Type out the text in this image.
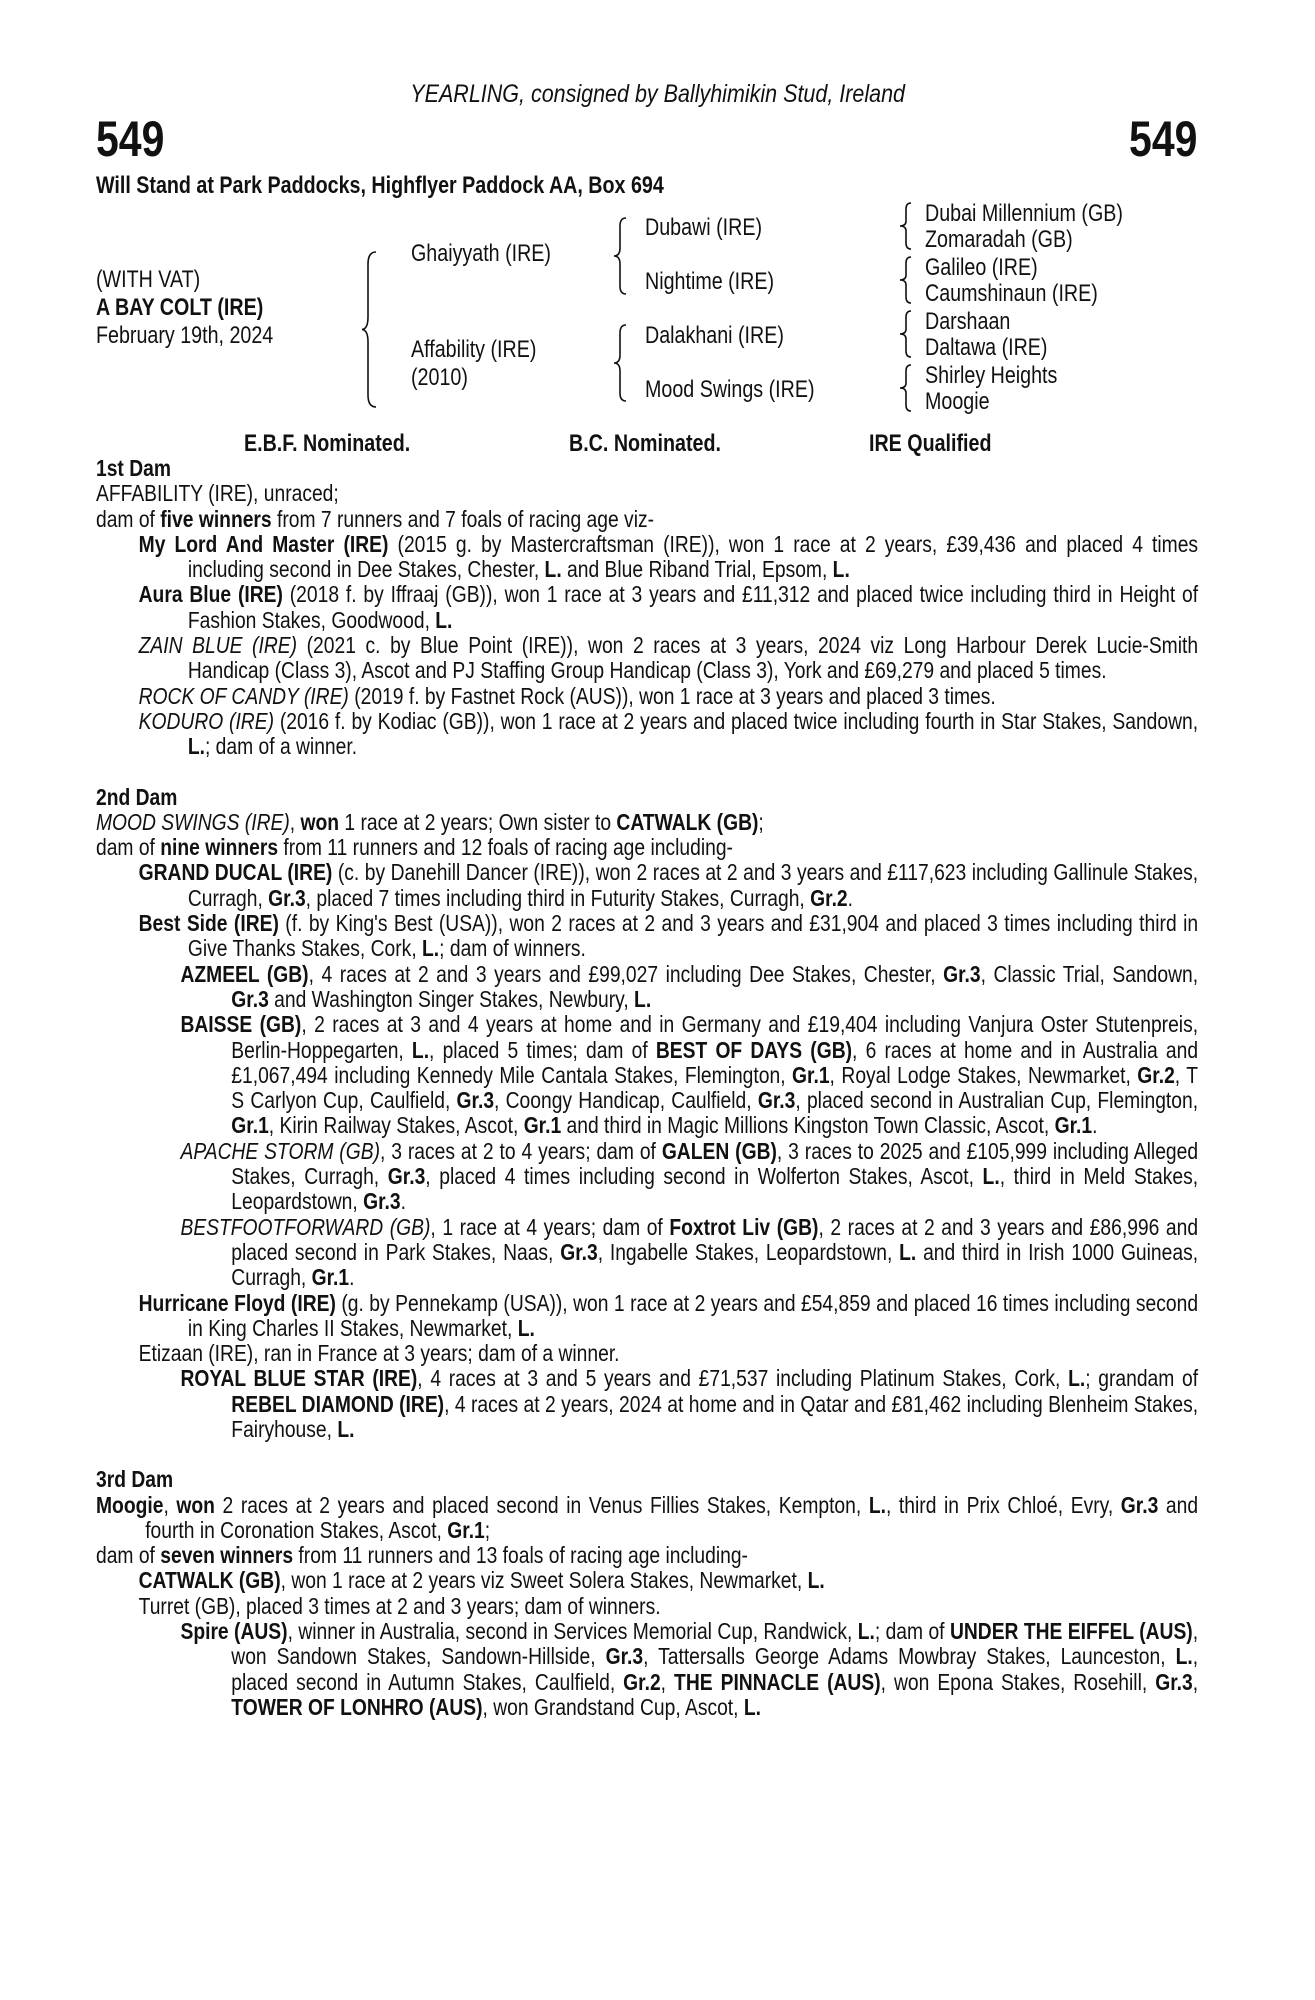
YEARLING, consigned by Ballyhimikin Stud, Ireland
549	549
Will Stand at Park Paddocks, Highflyer Paddock AA, Box 694
(WITH VAT)
A BAY COLT (IRE)
February 19th, 2024
Ghaiyyath (IRE)
Affability (IRE)
(2010)
Dubawi (IRE)
Nightime (IRE)
Dalakhani (IRE)
Mood Swings (IRE)
Dubai Millennium (GB)
Zomaradah (GB)
Galileo (IRE)
Caumshinaun (IRE)
Darshaan
Daltawa (IRE)
Shirley Heights
Moogie
E.B.F. Nominated.	B.C. Nominated.	IRE Qualified
1st Dam
AFFABILITY (IRE), unraced;
dam of five winners from 7 runners and 7 foals of racing age viz-
My Lord And Master (IRE) (2015 g. by Mastercraftsman (IRE)), won 1 race at 2 years, £39,436 and placed 4 times including second in Dee Stakes, Chester, L. and Blue Riband Trial, Epsom, L.
Aura Blue (IRE) (2018 f. by Iffraaj (GB)), won 1 race at 3 years and £11,312 and placed twice including third in Height of Fashion Stakes, Goodwood, L.
ZAIN BLUE (IRE) (2021 c. by Blue Point (IRE)), won 2 races at 3 years, 2024 viz Long Harbour Derek Lucie-Smith Handicap (Class 3), Ascot and PJ Staffing Group Handicap (Class 3), York and £69,279 and placed 5 times.
ROCK OF CANDY (IRE) (2019 f. by Fastnet Rock (AUS)), won 1 race at 3 years and placed 3 times.
KODURO (IRE) (2016 f. by Kodiac (GB)), won 1 race at 2 years and placed twice including fourth in Star Stakes, Sandown, L.; dam of a winner.
2nd Dam
MOOD SWINGS (IRE), won 1 race at 2 years; Own sister to CATWALK (GB);
dam of nine winners from 11 runners and 12 foals of racing age including-
GRAND DUCAL (IRE) (c. by Danehill Dancer (IRE)), won 2 races at 2 and 3 years and £117,623 including Gallinule Stakes, Curragh, Gr.3, placed 7 times including third in Futurity Stakes, Curragh, Gr.2.
Best Side (IRE) (f. by King's Best (USA)), won 2 races at 2 and 3 years and £31,904 and placed 3 times including third in Give Thanks Stakes, Cork, L.; dam of winners.
AZMEEL (GB), 4 races at 2 and 3 years and £99,027 including Dee Stakes, Chester, Gr.3, Classic Trial, Sandown, Gr.3 and Washington Singer Stakes, Newbury, L.
BAISSE (GB), 2 races at 3 and 4 years at home and in Germany and £19,404 including Vanjura Oster Stutenpreis, Berlin-Hoppegarten, L., placed 5 times; dam of BEST OF DAYS (GB), 6 races at home and in Australia and £1,067,494 including Kennedy Mile Cantala Stakes, Flemington, Gr.1, Royal Lodge Stakes, Newmarket, Gr.2, T S Carlyon Cup, Caulfield, Gr.3, Coongy Handicap, Caulfield, Gr.3, placed second in Australian Cup, Flemington, Gr.1, Kirin Railway Stakes, Ascot, Gr.1 and third in Magic Millions Kingston Town Classic, Ascot, Gr.1.
APACHE STORM (GB), 3 races at 2 to 4 years; dam of GALEN (GB), 3 races to 2025 and £105,999 including Alleged Stakes, Curragh, Gr.3, placed 4 times including second in Wolferton Stakes, Ascot, L., third in Meld Stakes, Leopardstown, Gr.3.
BESTFOOTFORWARD (GB), 1 race at 4 years; dam of Foxtrot Liv (GB), 2 races at 2 and 3 years and £86,996 and placed second in Park Stakes, Naas, Gr.3, Ingabelle Stakes, Leopardstown, L. and third in Irish 1000 Guineas, Curragh, Gr.1.
Hurricane Floyd (IRE) (g. by Pennekamp (USA)), won 1 race at 2 years and £54,859 and placed 16 times including second in King Charles II Stakes, Newmarket, L.
Etizaan (IRE), ran in France at 3 years; dam of a winner.
ROYAL BLUE STAR (IRE), 4 races at 3 and 5 years and £71,537 including Platinum Stakes, Cork, L.; grandam of REBEL DIAMOND (IRE), 4 races at 2 years, 2024 at home and in Qatar and £81,462 including Blenheim Stakes, Fairyhouse, L.
3rd Dam
Moogie, won 2 races at 2 years and placed second in Venus Fillies Stakes, Kempton, L., third in Prix Chloé, Evry, Gr.3 and fourth in Coronation Stakes, Ascot, Gr.1;
dam of seven winners from 11 runners and 13 foals of racing age including-
CATWALK (GB), won 1 race at 2 years viz Sweet Solera Stakes, Newmarket, L.
Turret (GB), placed 3 times at 2 and 3 years; dam of winners.
Spire (AUS), winner in Australia, second in Services Memorial Cup, Randwick, L.; dam of UNDER THE EIFFEL (AUS), won Sandown Stakes, Sandown-Hillside, Gr.3, Tattersalls George Adams Mowbray Stakes, Launceston, L., placed second in Autumn Stakes, Caulfield, Gr.2, THE PINNACLE (AUS), won Epona Stakes, Rosehill, Gr.3, TOWER OF LONHRO (AUS), won Grandstand Cup, Ascot, L.
